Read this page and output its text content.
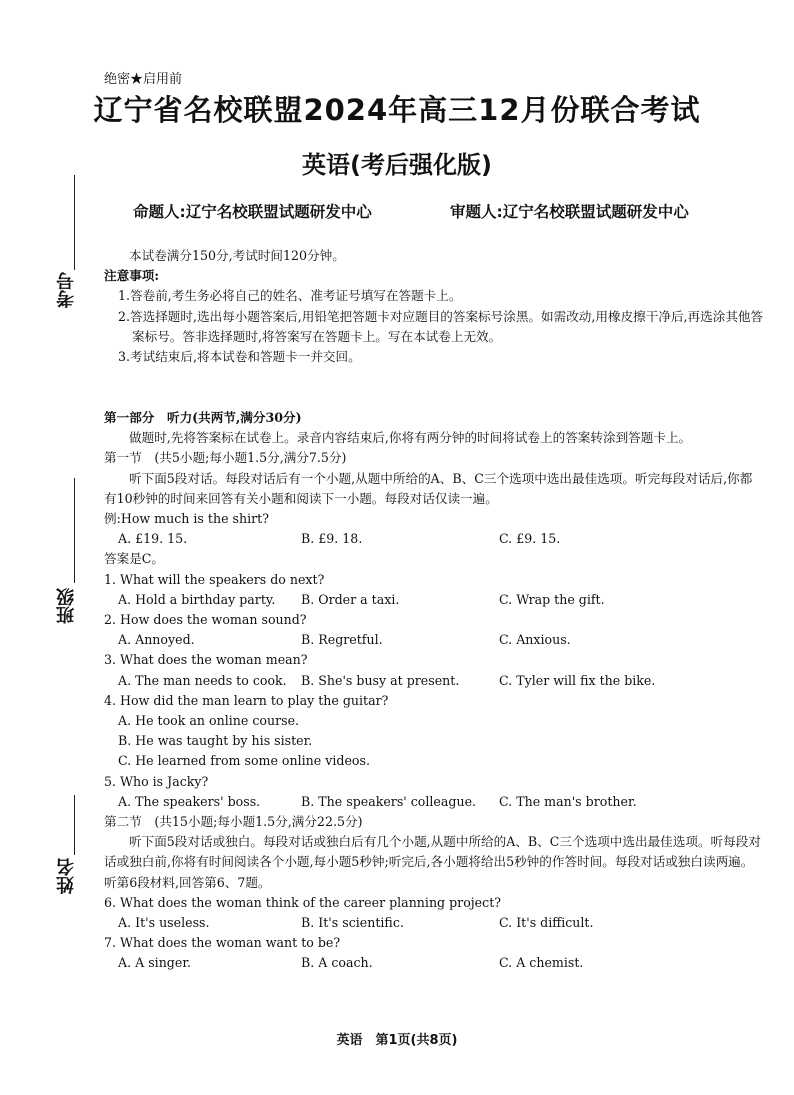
绝密★启用前
辽宁省名校联盟2024年高三12月份联合考试
英语(考后强化版)
命题人:辽宁名校联盟试题研发中心	审题人:辽宁名校联盟试题研发中心
考号
班级
姓名

本试卷满分150分,考试时间120分钟。

注意事项:

1.答卷前,考生务必将自己的姓名、准考证号填写在答题卡上。

2.答选择题时,选出每小题答案后,用铅笔把答题卡对应题目的答案标号涂黑。如需改动,用橡皮擦干净后,再选涂其他答案标号。答非选择题时,将答案写在答题卡上。写在本试卷上无效。

3.考试结束后,将本试卷和答题卡一并交回。

第一部分　听力(共两节,满分30分)

做题时,先将答案标在试卷上。录音内容结束后,你将有两分钟的时间将试卷上的答案转涂到答题卡上。

第一节　(共5小题;每小题1.5分,满分7.5分)

听下面5段对话。每段对话后有一个小题,从题中所给的A、B、C三个选项中选出最佳选项。听完每段对话后,你都有10秒钟的时间来回答有关小题和阅读下一小题。每段对话仅读一遍。

例:How much is the shirt?

A. £19. 15.	B. £9. 18.	C. £9. 15.

答案是C。

1. What will the speakers do next?

A. Hold a birthday party. B. Order a taxi.	C. Wrap the gift.

2. How does the woman sound?

A. Annoyed.	B. Regretful.	C. Anxious.

3. What does the woman mean?

A. The man needs to cook. B. She's busy at present.	C. Tyler will fix the bike.

4. How did the man learn to play the guitar?

A. He took an online course.
B. He was taught by his sister.
C. He learned from some online videos.

5. Who is Jacky?

A. The speakers' boss.	B. The speakers' colleague. C. The man's brother.

第二节　(共15小题;每小题1.5分,满分22.5分)

听下面5段对话或独白。每段对话或独白后有几个小题,从题中所给的A、B、C三个选项中选出最佳选项。听每段对话或独白前,你将有时间阅读各个小题,每小题5秒钟;听完后,各小题将给出5秒钟的作答时间。每段对话或独白读两遍。

听第6段材料,回答第6、7题。

6. What does the woman think of the career planning project?

A. It's useless.	B. It's scientific.	C. It's difficult.

7. What does the woman want to be?

A. A singer.	B. A coach.	C. A chemist.
英语　第1页(共8页)
